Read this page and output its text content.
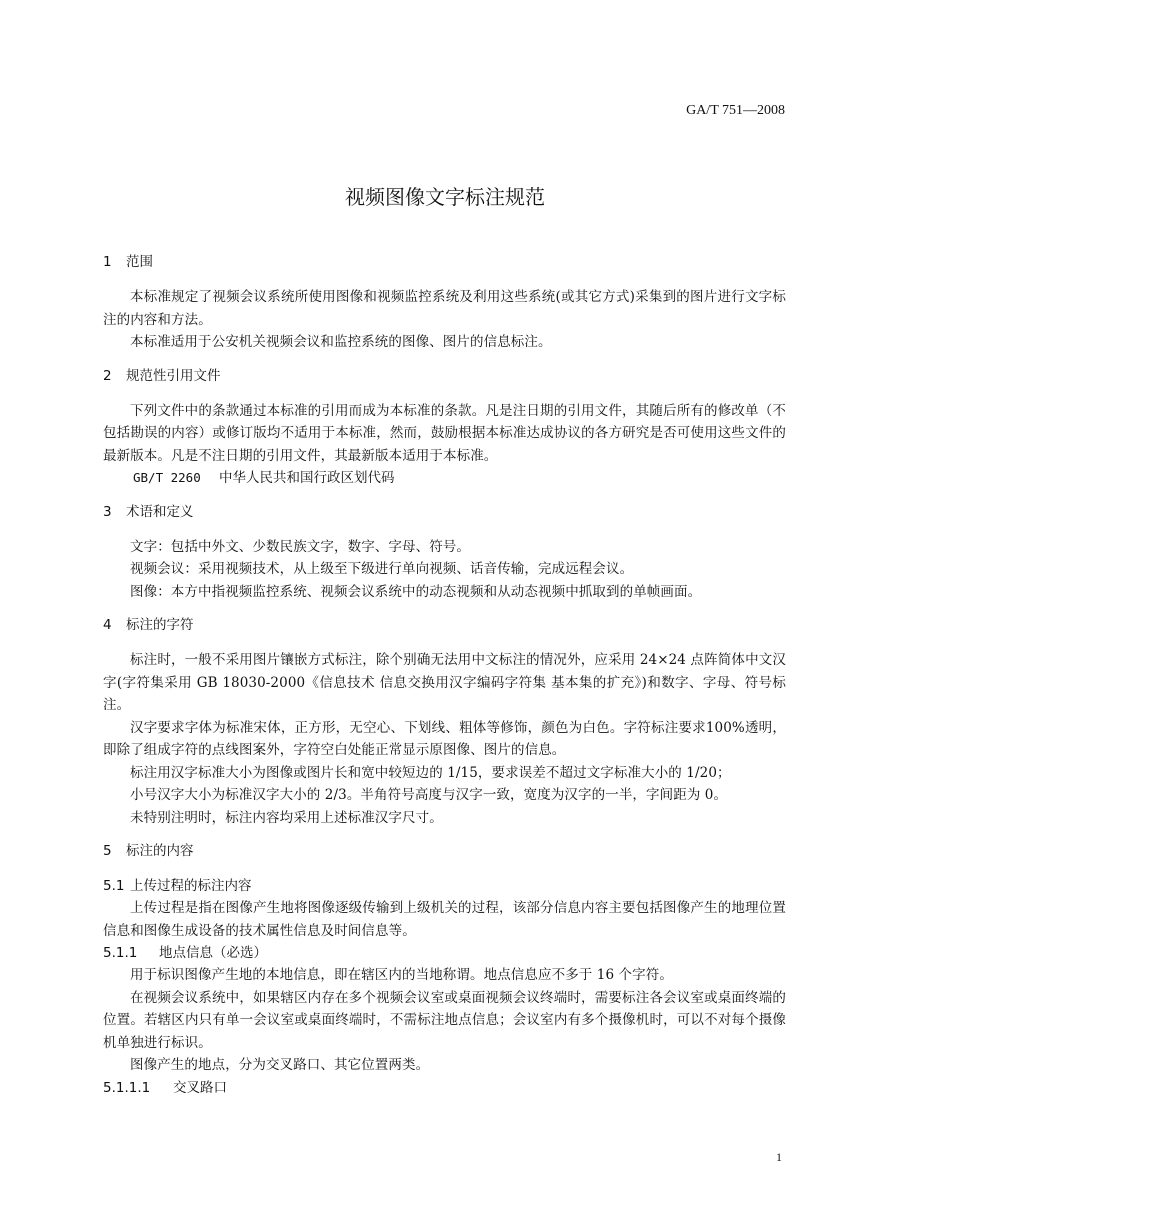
GA/T 751—2008
视频图像文字标注规范
1 范围

本标准规定了视频会议系统所使用图像和视频监控系统及利用这些系统(或其它方式)采集到的图片进行文字标注的内容和方法。

本标准适用于公安机关视频会议和监控系统的图像、图片的信息标注。

2 规范性引用文件

下列文件中的条款通过本标准的引用而成为本标准的条款。凡是注日期的引用文件，其随后所有的修改单（不包括勘误的内容）或修订版均不适用于本标准，然而，鼓励根据本标准达成协议的各方研究是否可使用这些文件的最新版本。凡是不注日期的引用文件，其最新版本适用于本标准。

GB/T 2260 中华人民共和国行政区划代码
3 术语和定义

文字：包括中外文、少数民族文字，数字、字母、符号。

视频会议：采用视频技术，从上级至下级进行单向视频、话音传输，完成远程会议。

图像：本方中指视频监控系统、视频会议系统中的动态视频和从动态视频中抓取到的单帧画面。

4 标注的字符

标注时，一般不采用图片镶嵌方式标注，除个别确无法用中文标注的情况外，应采用 24×24 点阵简体中文汉字(字符集采用 GB 18030-2000《信息技术 信息交换用汉字编码字符集 基本集的扩充》)和数字、字母、符号标注。

汉字要求字体为标准宋体，正方形，无空心、下划线、粗体等修饰，颜色为白色。字符标注要求100%透明，即除了组成字符的点线图案外，字符空白处能正常显示原图像、图片的信息。

标注用汉字标准大小为图像或图片长和宽中较短边的 1/15，要求误差不超过文字标准大小的 1/20；

小号汉字大小为标准汉字大小的 2/3。半角符号高度与汉字一致，宽度为汉字的一半，字间距为 0。

未特别注明时，标注内容均采用上述标准汉字尺寸。

5 标注的内容
5.1 上传过程的标注内容

上传过程是指在图像产生地将图像逐级传输到上级机关的过程，该部分信息内容主要包括图像产生的地理位置信息和图像生成设备的技术属性信息及时间信息等。

5.1.1 地点信息（必选）

用于标识图像产生地的本地信息，即在辖区内的当地称谓。地点信息应不多于 16 个字符。

在视频会议系统中，如果辖区内存在多个视频会议室或桌面视频会议终端时，需要标注各会议室或桌面终端的位置。若辖区内只有单一会议室或桌面终端时，不需标注地点信息；会议室内有多个摄像机时，可以不对每个摄像机单独进行标识。

图像产生的地点，分为交叉路口、其它位置两类。

5.1.1.1 交叉路口
1
